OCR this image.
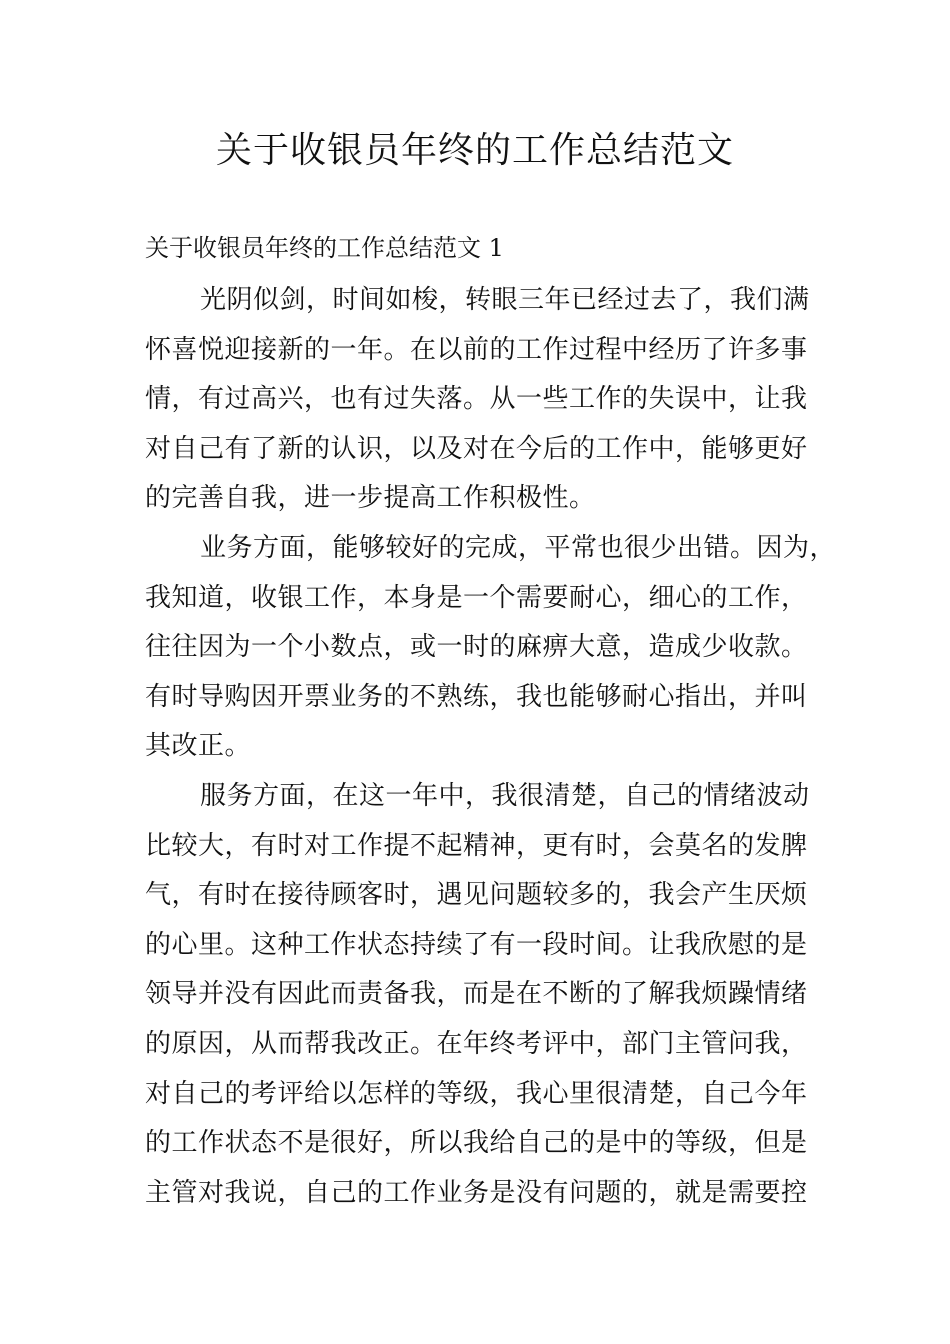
关于收银员年终的工作总结范文

关于收银员年终的工作总结范文 1

光阴似剑，时间如梭，转眼三年已经过去了，我们满

怀喜悦迎接新的一年。在以前的工作过程中经历了许多事

情，有过高兴，也有过失落。从一些工作的失误中，让我

对自己有了新的认识，以及对在今后的工作中，能够更好

的完善自我，进一步提高工作积极性。

业务方面，能够较好的完成，平常也很少出错。因为，

我知道，收银工作，本身是一个需要耐心，细心的工作，

往往因为一个小数点，或一时的麻痹大意，造成少收款。

有时导购因开票业务的不熟练，我也能够耐心指出，并叫

其改正。

服务方面，在这一年中，我很清楚，自己的情绪波动

比较大，有时对工作提不起精神，更有时，会莫名的发脾

气，有时在接待顾客时，遇见问题较多的，我会产生厌烦

的心里。这种工作状态持续了有一段时间。让我欣慰的是

领导并没有因此而责备我，而是在不断的了解我烦躁情绪

的原因，从而帮我改正。在年终考评中，部门主管问我，

对自己的考评给以怎样的等级，我心里很清楚，自己今年

的工作状态不是很好，所以我给自己的是中的等级，但是

主管对我说，自己的工作业务是没有问题的，就是需要控
